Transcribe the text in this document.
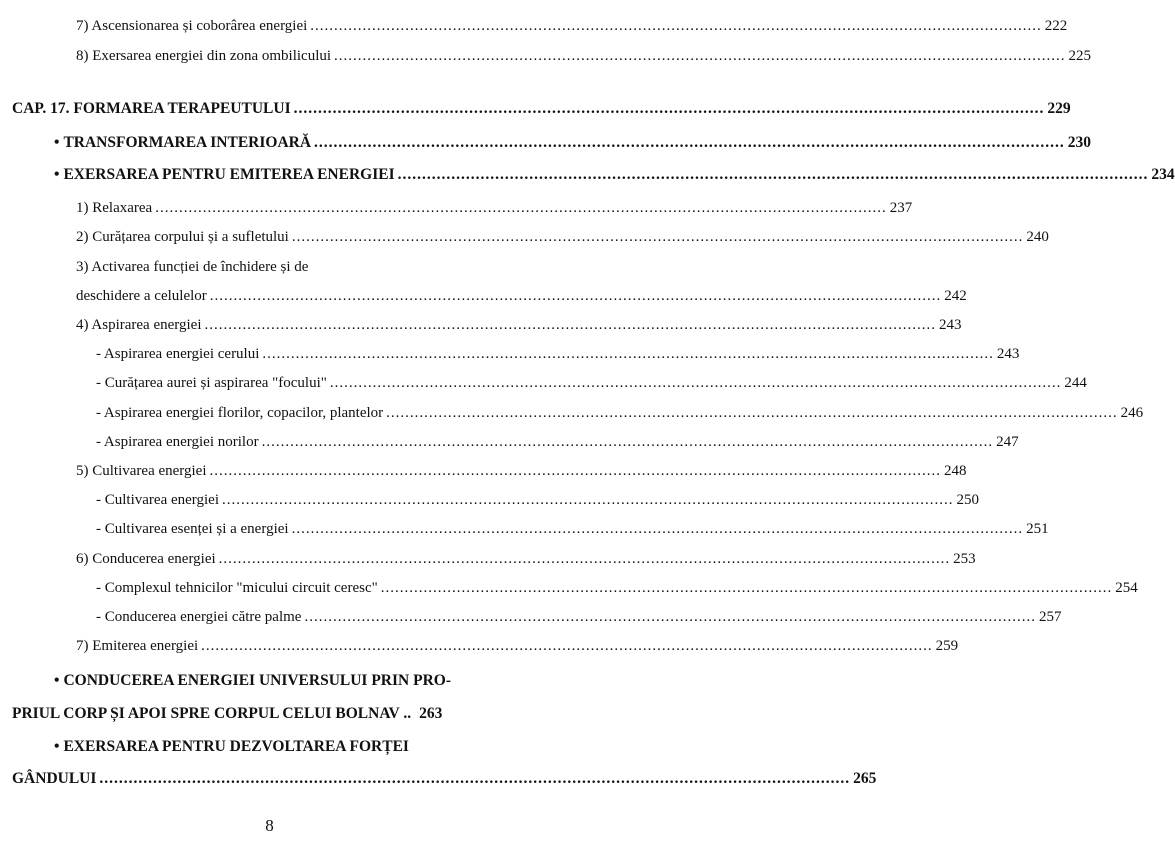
7) Ascensionarea și coborârea energiei .......................................................................................................................................................... 222
8) Exersarea energiei din zona ombilicului .......................................................................................................................................................... 225
CAP. 17. FORMAREA TERAPEUTULUI .......................................................................................................................................................... 229
• TRANSFORMAREA INTERIOARĂ .......................................................................................................................................................... 230
• EXERSAREA PENTRU EMITEREA ENERGIEI .......................................................................................................................................................... 234
1) Relaxarea .......................................................................................................................................................... 237
2) Curățarea corpului și a sufletului .......................................................................................................................................................... 240
3) Activarea funcției de închidere și de
deschidere a celulelor .......................................................................................................................................................... 242
4) Aspirarea energiei .......................................................................................................................................................... 243
- Aspirarea energiei cerului .......................................................................................................................................................... 243
- Curățarea aurei și aspirarea "focului" .......................................................................................................................................................... 244
- Aspirarea energiei florilor, copacilor, plantelor .......................................................................................................................................................... 246
- Aspirarea energiei norilor .......................................................................................................................................................... 247
5) Cultivarea energiei .......................................................................................................................................................... 248
- Cultivarea energiei .......................................................................................................................................................... 250
- Cultivarea esenței și a energiei .......................................................................................................................................................... 251
6) Conducerea energiei .......................................................................................................................................................... 253
- Complexul tehnicilor "micului circuit ceresc" .......................................................................................................................................................... 254
- Conducerea energiei către palme .......................................................................................................................................................... 257
7) Emiterea energiei .......................................................................................................................................................... 259
• CONDUCEREA ENERGIEI UNIVERSULUI PRIN PRO-
PRIUL CORP ȘI APOI SPRE CORPUL CELUI BOLNAV .. 263
• EXERSAREA PENTRU DEZVOLTAREA FORȚEI
GÂNDULUI .......................................................................................................................................................... 265
8
